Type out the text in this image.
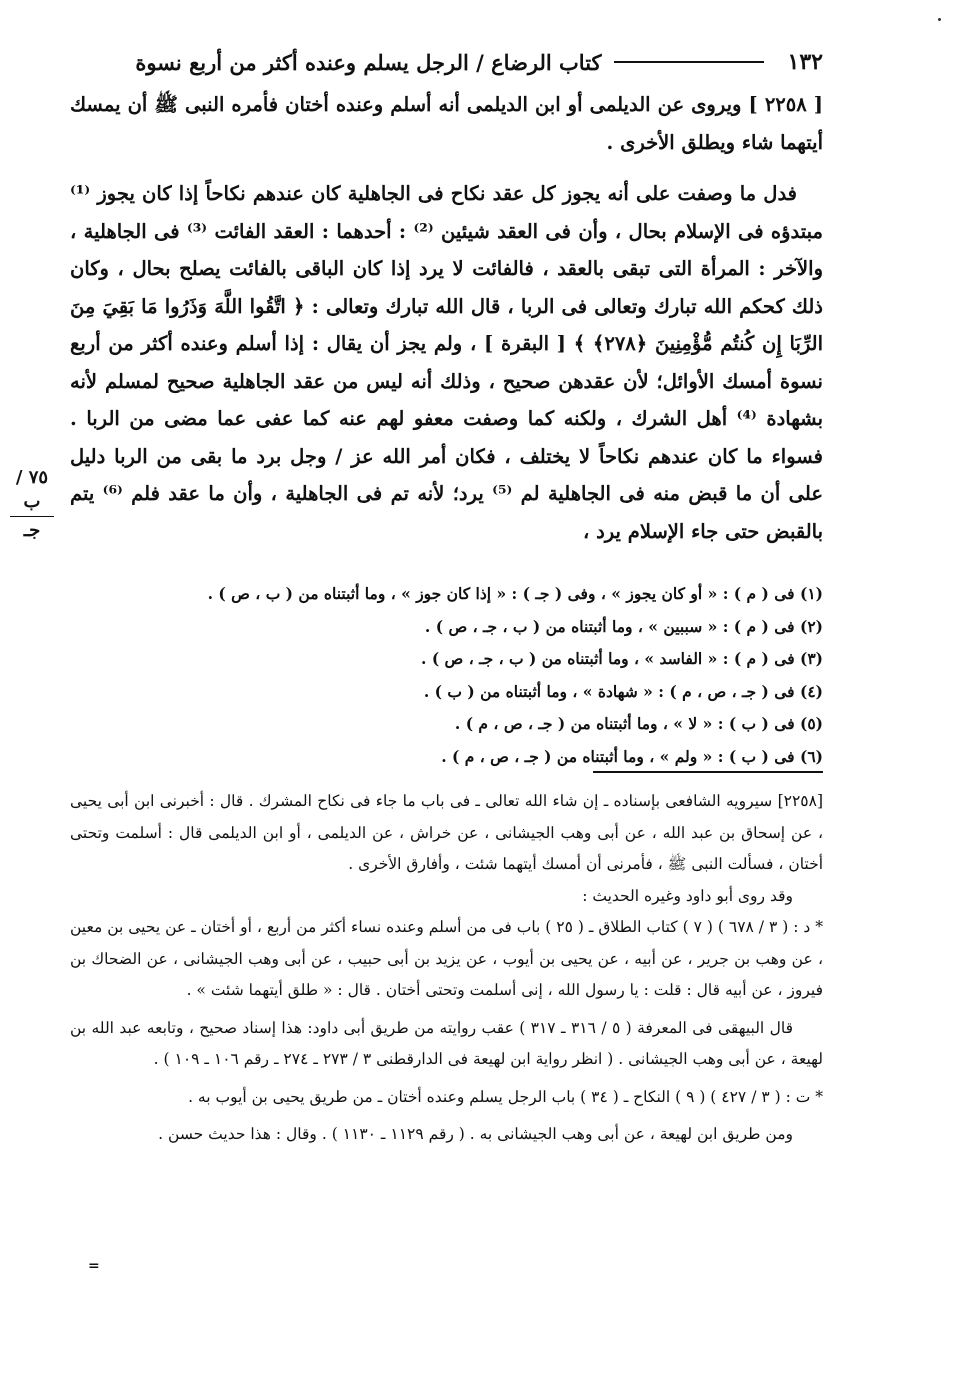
١٣٢
كتاب الرضاع / الرجل يسلم وعنده أكثر من أربع نسوة

[ ٢٢٥٨ ] ويروى عن الديلمى أو ابن الديلمى أنه أسلم وعنده أختان فأمره النبى ﷺ أن يمسك أيتهما شاء ويطلق الأخرى .

فدل ما وصفت على أنه يجوز كل عقد نكاح فى الجاهلية كان عندهم نكاحاً إذا كان يجوز ⁽¹⁾ مبتدؤه فى الإسلام بحال ، وأن فى العقد شيئين ⁽²⁾ : أحدهما : العقد الفائت ⁽³⁾ فى الجاهلية ، والآخر : المرأة التى تبقى بالعقد ، فالفائت لا يرد إذا كان الباقى بالفائت يصلح بحال ، وكان ذلك كحكم الله تبارك وتعالى فى الربا ، قال الله تبارك وتعالى : ﴿ اتَّقُوا اللَّهَ وَذَرُوا مَا بَقِيَ مِنَ الرِّبَا إِن كُنتُم مُّؤْمِنِينَ ﴿٢٧٨﴾ ﴾ [ البقرة ] ، ولم يجز أن يقال : إذا أسلم وعنده أكثر من أربع نسوة أمسك الأوائل؛ لأن عقدهن صحيح ، وذلك أنه ليس من عقد الجاهلية صحيح لمسلم لأنه بشهادة ⁽⁴⁾ أهل الشرك ، ولكنه كما وصفت معفو لهم عنه كما عفى عما مضى من الربا . فسواء ما كان عندهم نكاحاً لا يختلف ، فكان أمر الله عز / وجل برد ما بقى من الربا دليل على أن ما قبض منه فى الجاهلية لم ⁽⁵⁾ يرد؛ لأنه تم فى الجاهلية ، وأن ما عقد فلم ⁽⁶⁾ يتم بالقبض حتى جاء الإسلام يرد ،

٧٥ / ب
جـ

(١) فى ( م ) : « أو كان يجوز » ، وفى ( جـ ) : « إذا كان جوز » ، وما أثبتناه من ( ب ، ص ) .

(٢) فى ( م ) : « سببين » ، وما أثبتناه من ( ب ، جـ ، ص ) .

(٣) فى ( م ) : « الفاسد » ، وما أثبتناه من ( ب ، جـ ، ص ) .

(٤) فى ( جـ ، ص ، م ) : « شهادة » ، وما أثبتناه من ( ب ) .

(٥) فى ( ب ) : « لا » ، وما أثبتناه من ( جـ ، ص ، م ) .

(٦) فى ( ب ) : « ولم » ، وما أثبتناه من ( جـ ، ص ، م ) .

[٢٢٥٨] سيرويه الشافعى بإسناده ـ إن شاء الله تعالى ـ فى باب ما جاء فى نكاح المشرك . قال : أخبرنى ابن أبى يحيى ، عن إسحاق بن عبد الله ، عن أبى وهب الجيشانى ، عن خراش ، عن الديلمى ، أو ابن الديلمى قال : أسلمت وتحتى أختان ، فسألت النبى ﷺ ، فأمرنى أن أمسك أيتهما شئت ، وأفارق الأخرى .

وقد روى أبو داود وغيره الحديث :

* د : ( ٣ / ٦٧٨ ) ( ٧ ) كتاب الطلاق ـ ( ٢٥ ) باب فى من أسلم وعنده نساء أكثر من أربع ، أو أختان ـ عن يحيى بن معين ، عن وهب بن جرير ، عن أبيه ، عن يحيى بن أيوب ، عن يزيد بن أبى حبيب ، عن أبى وهب الجيشانى ، عن الضحاك بن فيروز ، عن أبيه قال : قلت : يا رسول الله ، إنى أسلمت وتحتى أختان . قال : « طلق أيتهما شئت » .

قال البيهقى فى المعرفة ( ٥ / ٣١٦ ـ ٣١٧ ) عقب روايته من طريق أبى داود: هذا إسناد صحيح ، وتابعه عبد الله بن لهيعة ، عن أبى وهب الجيشانى . ( انظر رواية ابن لهيعة فى الدارقطنى ٣ / ٢٧٣ ـ ٢٧٤ ـ رقم ١٠٦ ـ ١٠٩ ) .

* ت : ( ٣ / ٤٢٧ ) ( ٩ ) النكاح ـ ( ٣٤ ) باب الرجل يسلم وعنده أختان ـ من طريق يحيى بن أيوب به .

ومن طريق ابن لهيعة ، عن أبى وهب الجيشانى به . ( رقم ١١٢٩ ـ ١١٣٠ ) . وقال : هذا حديث حسن .

=
